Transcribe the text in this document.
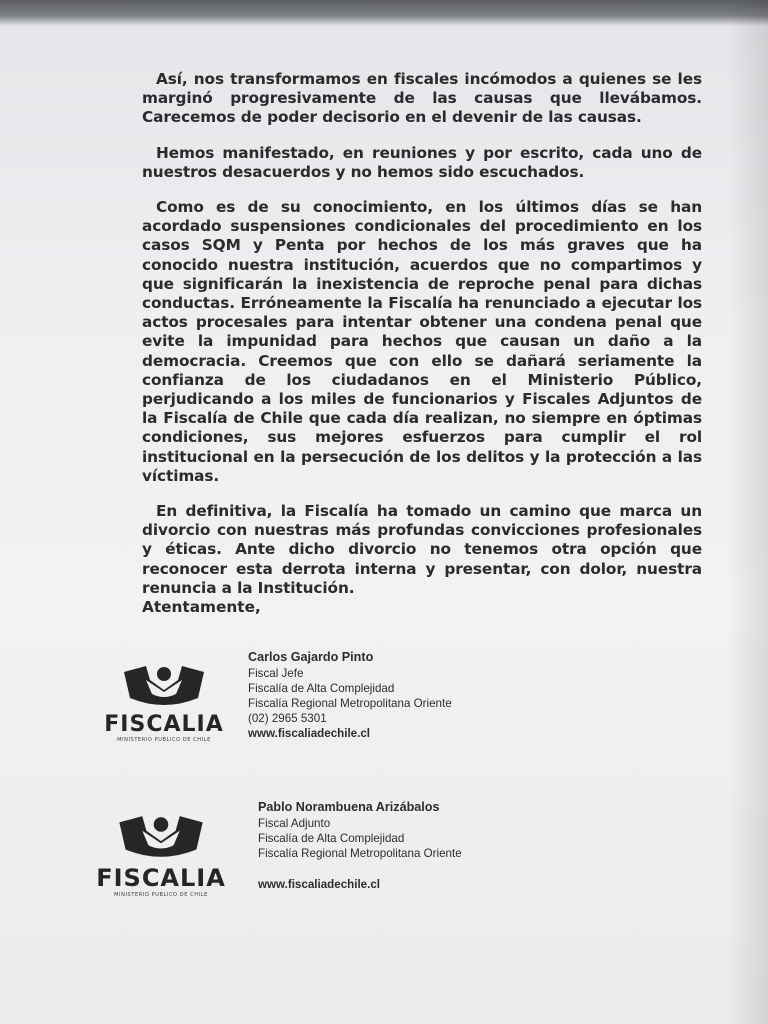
Así, nos transformamos en fiscales incómodos a quienes se les marginó progresivamente de las causas que llevábamos. Carecemos de poder decisorio en el devenir de las causas.

Hemos manifestado, en reuniones y por escrito, cada uno de nuestros desacuerdos y no hemos sido escuchados.

Como es de su conocimiento, en los últimos días se han acordado suspensiones condicionales del procedimiento en los casos SQM y Penta por hechos de los más graves que ha conocido nuestra institución, acuerdos que no compartimos y que significarán la inexistencia de reproche penal para dichas conductas. Erróneamente la Fiscalía ha renunciado a ejecutar los actos procesales para intentar obtener una condena penal que evite la impunidad para hechos que causan un daño a la democracia. Creemos que con ello se dañará seriamente la confianza de los ciudadanos en el Ministerio Público, perjudicando a los miles de funcionarios y Fiscales Adjuntos de la Fiscalía de Chile que cada día realizan, no siempre en óptimas condiciones, sus mejores esfuerzos para cumplir el rol institucional en la persecución de los delitos y la protección a las víctimas.

En definitiva, la Fiscalía ha tomado un camino que marca un divorcio con nuestras más profundas convicciones profesionales y éticas. Ante dicho divorcio no tenemos otra opción que reconocer esta derrota interna y presentar, con dolor, nuestra renuncia a la Institución.

Atentamente,
FISCALIA
MINISTERIO PUBLICO DE CHILE
Carlos Gajardo Pinto
Fiscal Jefe
Fiscalía de Alta Complejidad
Fiscalía Regional Metropolitana Oriente
(02) 2965 5301
www.fiscaliadechile.cl
FISCALIA
MINISTERIO PUBLICO DE CHILE
Pablo Norambuena Arizábalos
Fiscal Adjunto
Fiscalía de Alta Complejidad
Fiscalía Regional Metropolitana Oriente
www.fiscaliadechile.cl
